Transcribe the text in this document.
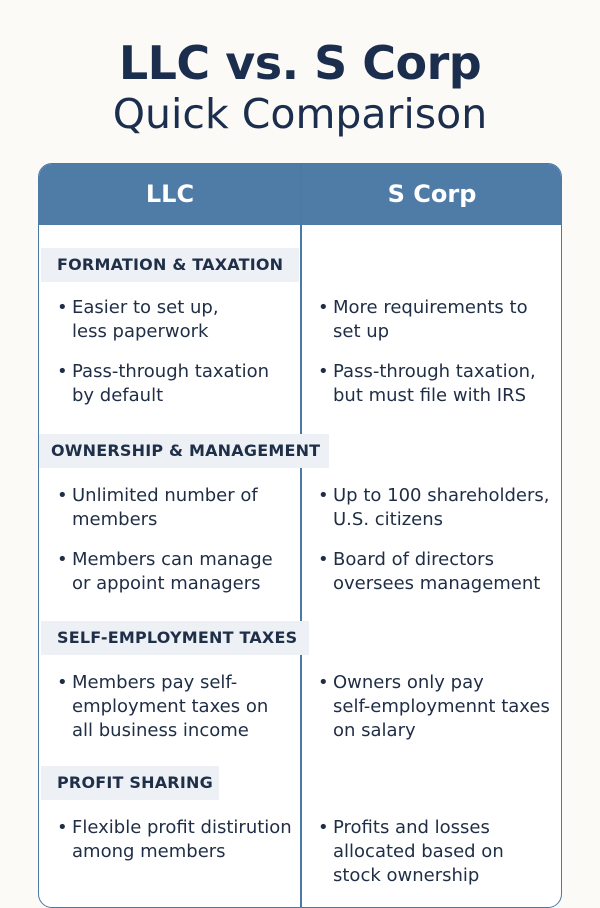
LLC vs. S Corp
Quick Comparison
LLC	S Corp
FORMATION & TAXATION
• Easier to set up,
less paperwork
• More requirements to
set up
• Pass-through taxation
by default
• Pass-through taxation,
but must file with IRS
OWNERSHIP & MANAGEMENT
• Unlimited number of
members
• Up to 100 shareholders,
U.S. citizens
• Members can manage
or appoint managers
• Board of directors
oversees management
SELF-EMPLOYMENT TAXES
• Members pay self-
employment taxes on
all business income
• Owners only pay
self-employmennt taxes
on salary
PROFIT SHARING
• Flexible profit distirution
among members
• Profits and losses
allocated based on
stock ownership
